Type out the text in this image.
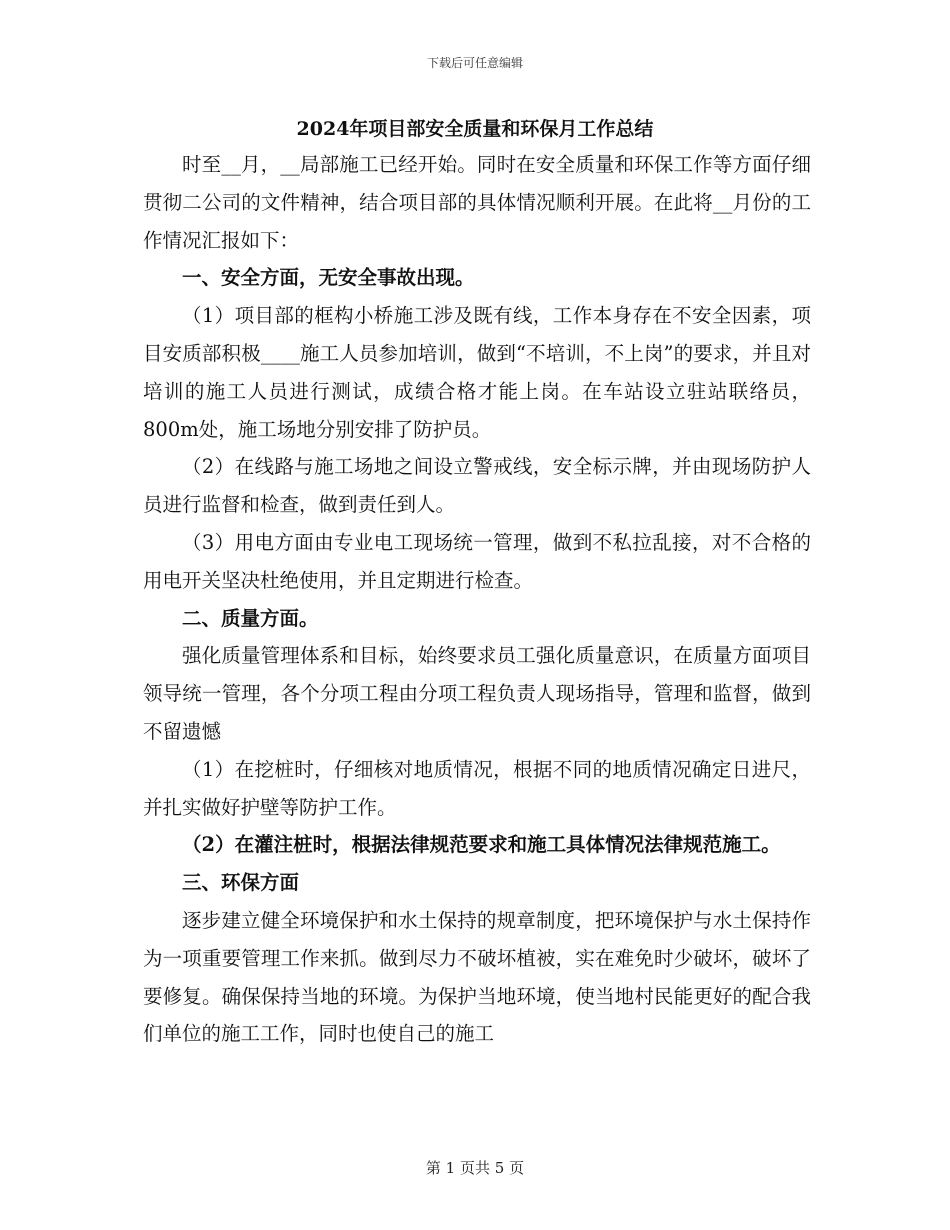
下载后可任意编辑
2024年项目部安全质量和环保月工作总结

时至__月，__局部施工已经开始。同时在安全质量和环保工作等方面仔细贯彻二公司的文件精神，结合项目部的具体情况顺利开展。在此将__月份的工作情况汇报如下：

一、安全方面，无安全事故出现。

（1）项目部的框构小桥施工涉及既有线，工作本身存在不安全因素，项目安质部积极____施工人员参加培训，做到“不培训，不上岗”的要求，并且对培训的施工人员进行测试，成绩合格才能上岗。在车站设立驻站联络员，800m处，施工场地分别安排了防护员。

（2）在线路与施工场地之间设立警戒线，安全标示牌，并由现场防护人员进行监督和检查，做到责任到人。

（3）用电方面由专业电工现场统一管理，做到不私拉乱接，对不合格的用电开关坚决杜绝使用，并且定期进行检查。

二、质量方面。

强化质量管理体系和目标，始终要求员工强化质量意识，在质量方面项目领导统一管理，各个分项工程由分项工程负责人现场指导，管理和监督，做到不留遗憾

（1）在挖桩时，仔细核对地质情况，根据不同的地质情况确定日进尺，并扎实做好护壁等防护工作。

（2）在灌注桩时，根据法律规范要求和施工具体情况法律规范施工。

三、环保方面

逐步建立健全环境保护和水土保持的规章制度，把环境保护与水土保持作为一项重要管理工作来抓。做到尽力不破坏植被，实在难免时少破坏，破坏了要修复。确保保持当地的环境。为保护当地环境，使当地村民能更好的配合我们单位的施工工作，同时也使自己的施工

第 1 页共 5 页
